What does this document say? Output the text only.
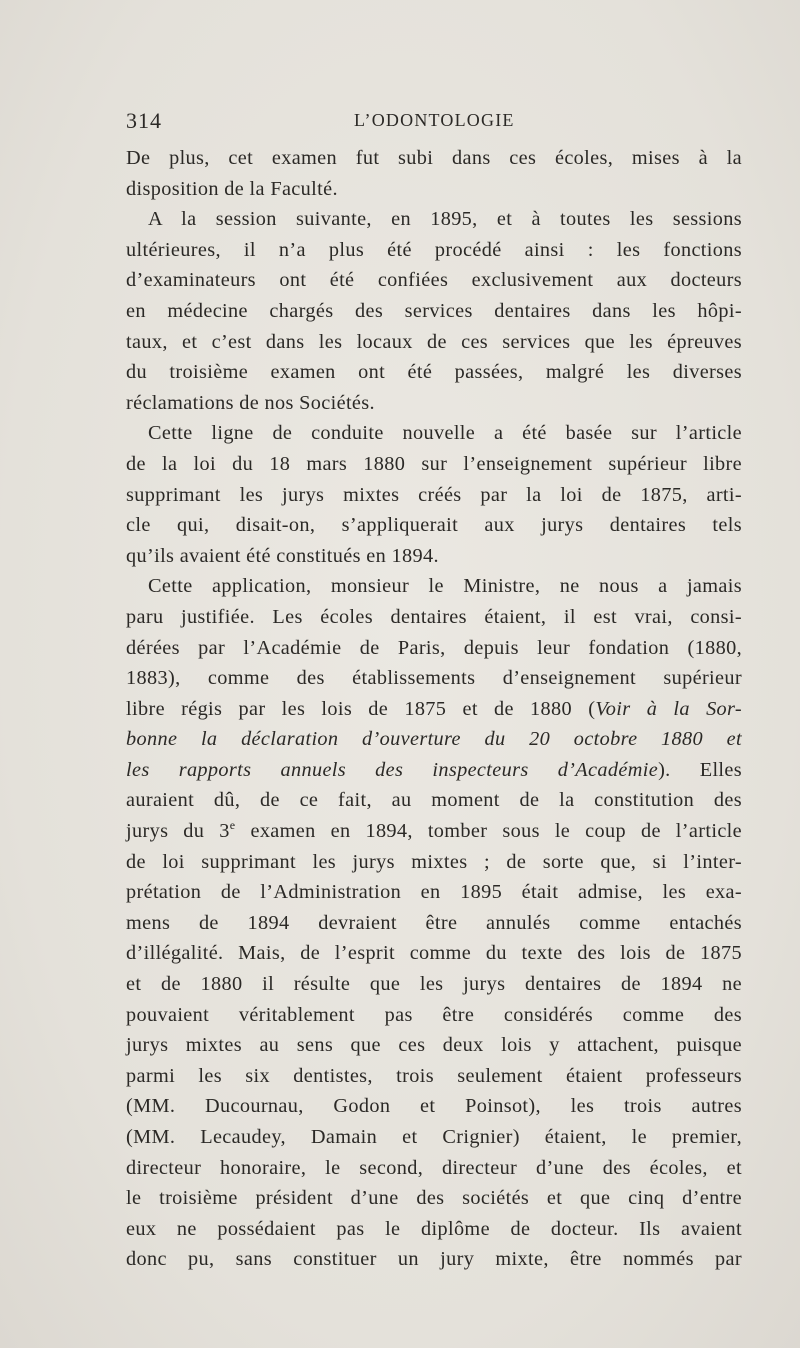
314	L’ODONTOLOGIE
De plus, cet examen fut subi dans ces écoles, mises à la
disposition de la Faculté.
A la session suivante, en 1895, et à toutes les sessions
ultérieures, il n’a plus été procédé ainsi : les fonctions
d’examinateurs ont été confiées exclusivement aux docteurs
en médecine chargés des services dentaires dans les hôpi-
taux, et c’est dans les locaux de ces services que les épreuves
du troisième examen ont été passées, malgré les diverses
réclamations de nos Sociétés.
Cette ligne de conduite nouvelle a été basée sur l’article
de la loi du 18 mars 1880 sur l’enseignement supérieur libre
supprimant les jurys mixtes créés par la loi de 1875, arti-
cle qui, disait-on, s’appliquerait aux jurys dentaires tels
qu’ils avaient été constitués en 1894.
Cette application, monsieur le Ministre, ne nous a jamais
paru justifiée. Les écoles dentaires étaient, il est vrai, consi-
dérées par l’Académie de Paris, depuis leur fondation (1880,
1883), comme des établissements d’enseignement supérieur
libre régis par les lois de 1875 et de 1880 (Voir à la Sor-
bonne la déclaration d’ouverture du 20 octobre 1880 et
les rapports annuels des inspecteurs d’Académie). Elles
auraient dû, de ce fait, au moment de la constitution des
jurys du 3e examen en 1894, tomber sous le coup de l’article
de loi supprimant les jurys mixtes ; de sorte que, si l’inter-
prétation de l’Administration en 1895 était admise, les exa-
mens de 1894 devraient être annulés comme entachés
d’illégalité. Mais, de l’esprit comme du texte des lois de 1875
et de 1880 il résulte que les jurys dentaires de 1894 ne
pouvaient véritablement pas être considérés comme des
jurys mixtes au sens que ces deux lois y attachent, puisque
parmi les six dentistes, trois seulement étaient professeurs
(MM. Ducournau, Godon et Poinsot), les trois autres
(MM. Lecaudey, Damain et Crignier) étaient, le premier,
directeur honoraire, le second, directeur d’une des écoles, et
le troisième président d’une des sociétés et que cinq d’entre
eux ne possédaient pas le diplôme de docteur. Ils avaient
donc pu, sans constituer un jury mixte, être nommés par
